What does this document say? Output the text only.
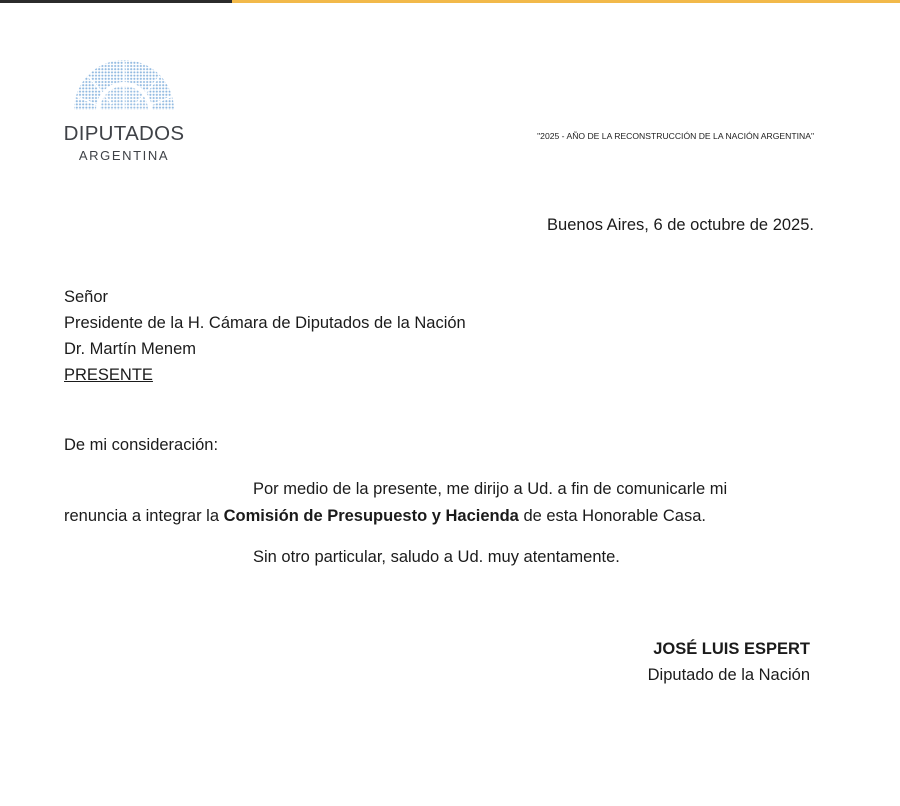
DIPUTADOS
ARGENTINA
"2025 - AÑO DE LA RECONSTRUCCIÓN DE LA NACIÓN ARGENTINA"
Buenos Aires, 6 de octubre de 2025.
Señor
Presidente de la H. Cámara de Diputados de la Nación
Dr. Martín Menem
PRESENTE
De mi consideración:
Por medio de la presente, me dirijo a Ud. a fin de comunicarle mi
renuncia a integrar la Comisión de Presupuesto y Hacienda de esta Honorable Casa.
Sin otro particular, saludo a Ud. muy atentamente.
JOSÉ LUIS ESPERT
Diputado de la Nación
